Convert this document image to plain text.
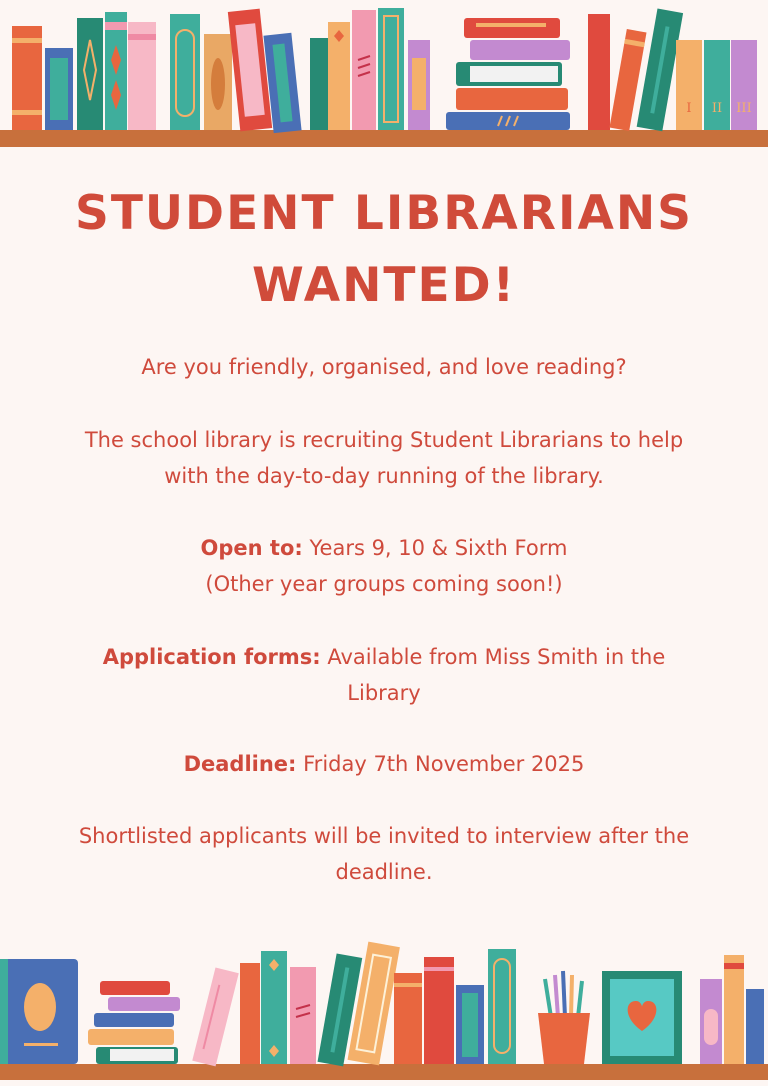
I II III
STUDENT LIBRARIANS
WANTED!
Are you friendly, organised, and love reading?
The school library is recruiting Student Librarians to help
with the day-to-day running of the library.
Open to: Years 9, 10 & Sixth Form
(Other year groups coming soon!)
Application forms: Available from Miss Smith in the
Library
Deadline: Friday 7th November 2025
Shortlisted applicants will be invited to interview after the
deadline.
